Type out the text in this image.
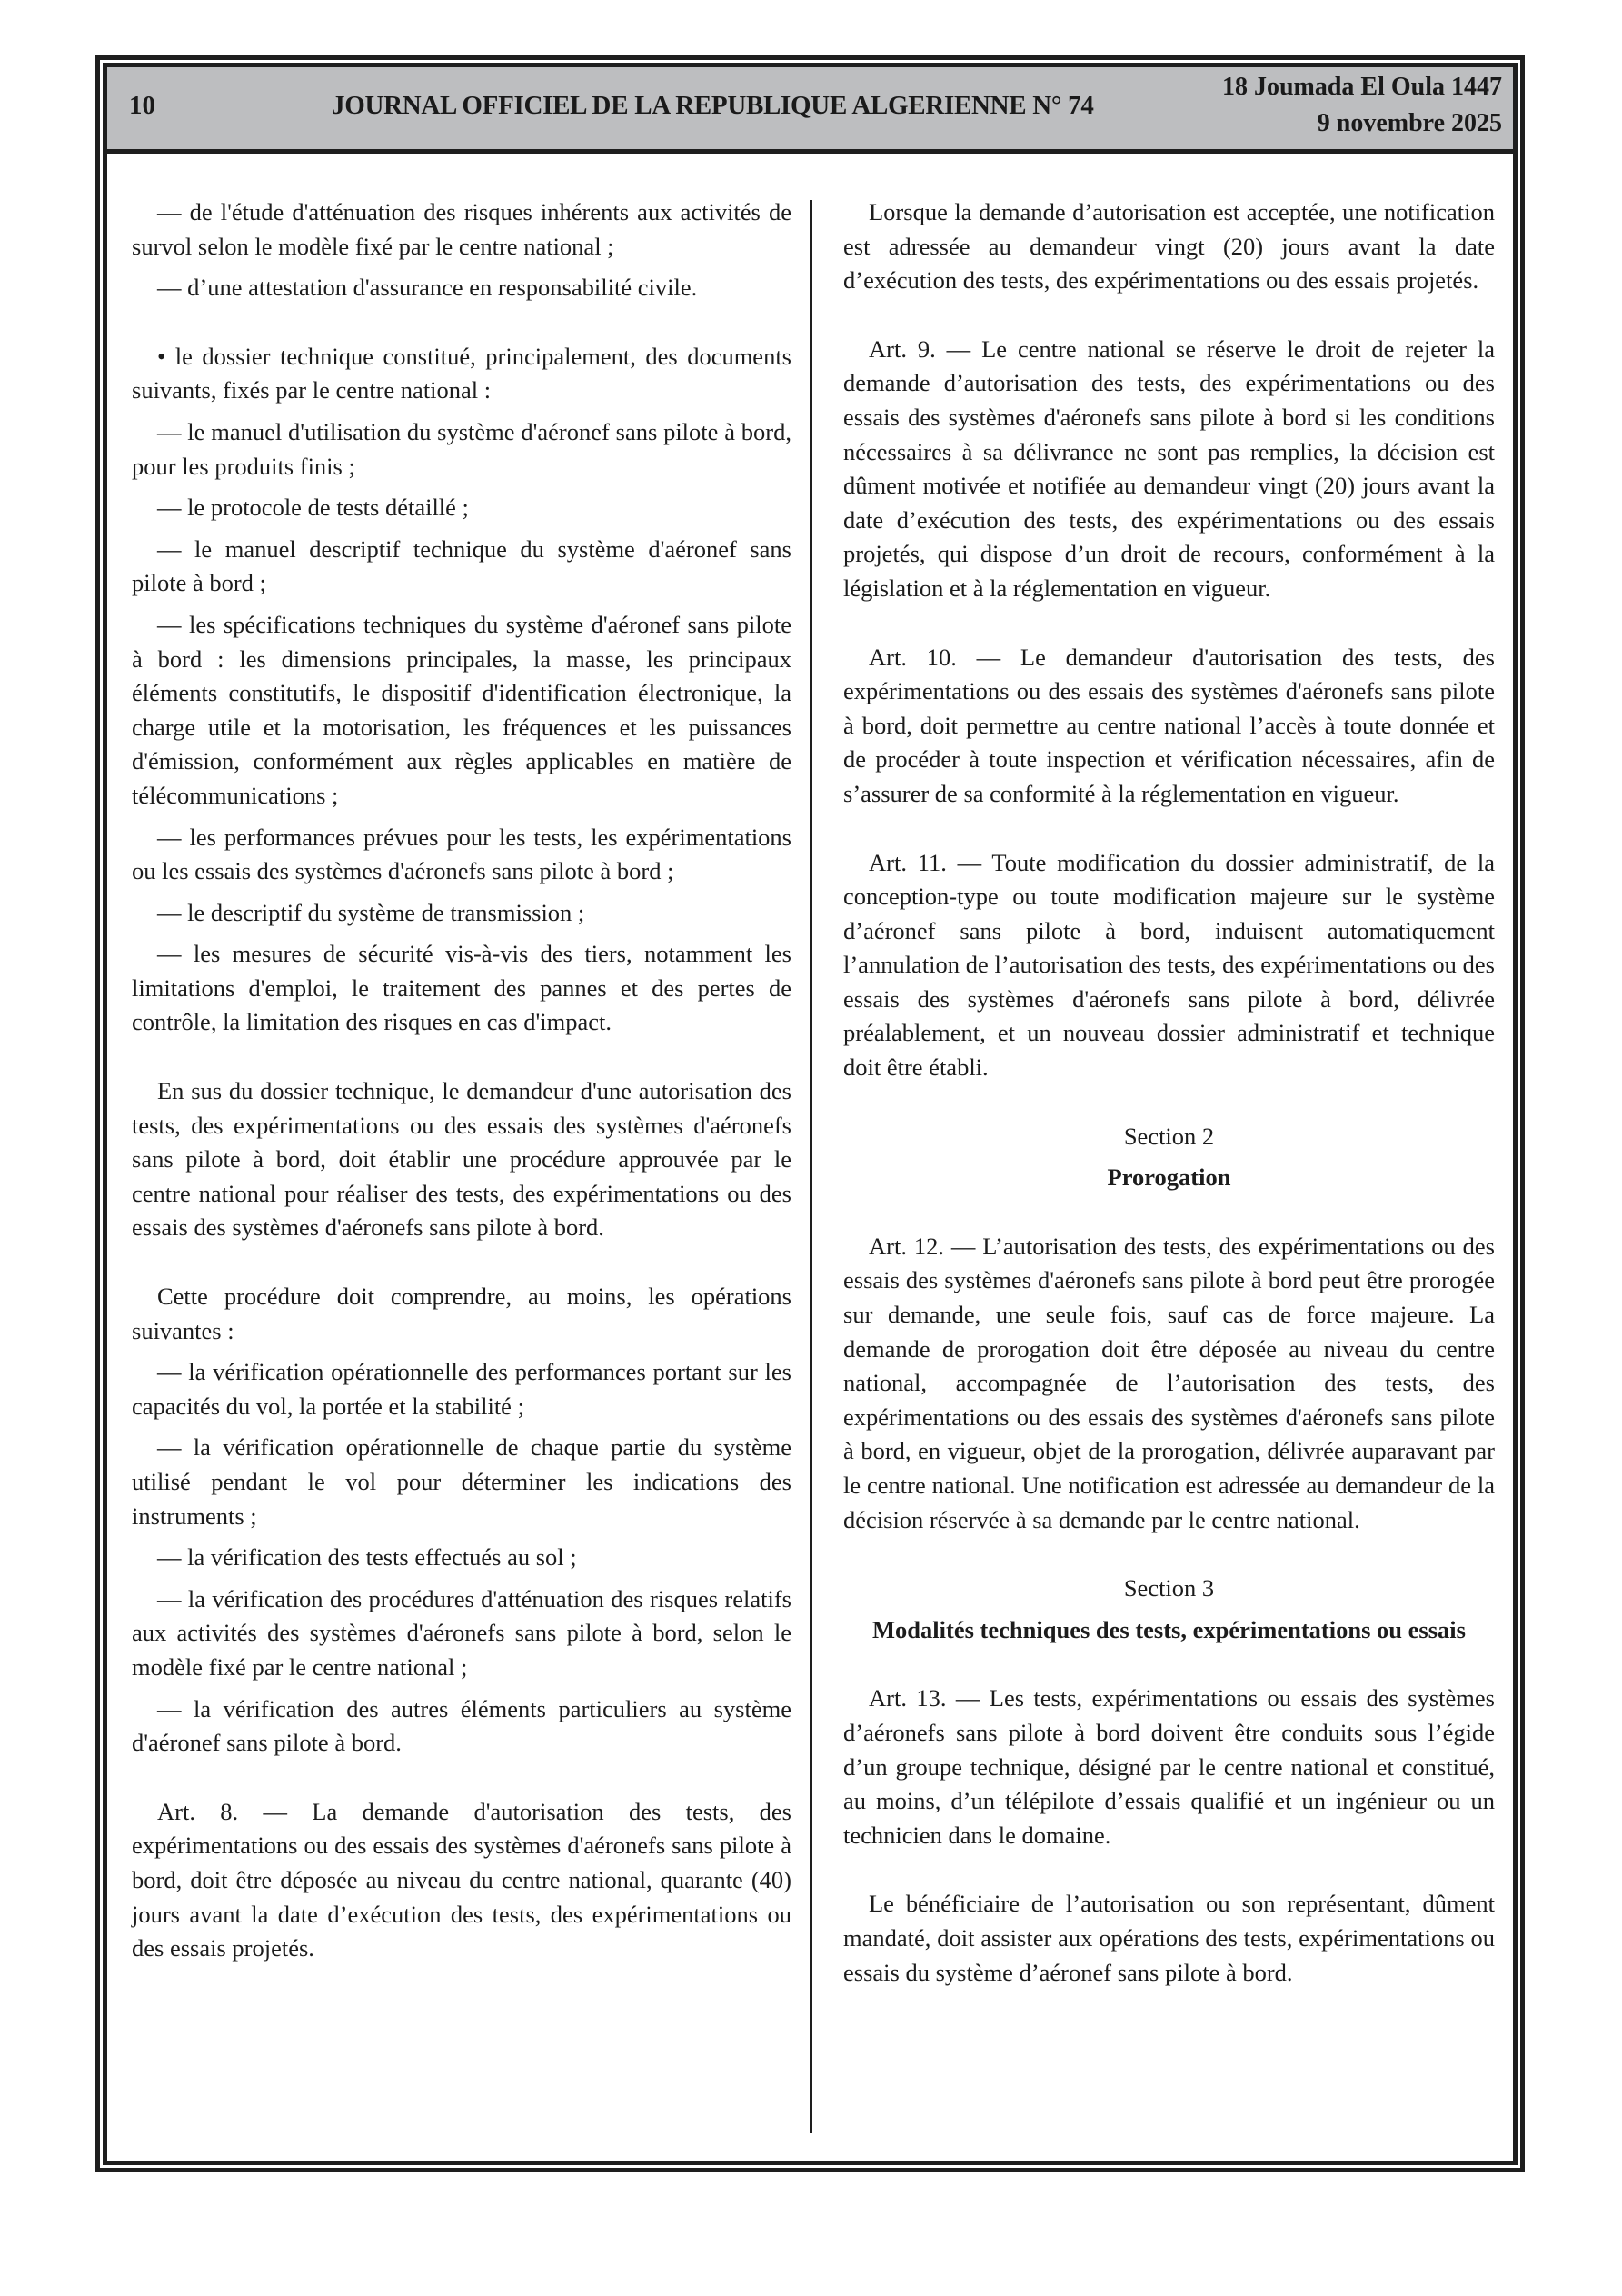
10	JOURNAL OFFICIEL DE LA REPUBLIQUE ALGERIENNE N° 74
18 Joumada El Oula 1447
9 novembre 2025

— de l'étude d'atténuation des risques inhérents aux activités de survol selon le modèle fixé par le centre national ;

— d’une attestation d'assurance en responsabilité civile.

• le dossier technique constitué, principalement, des documents suivants, fixés par le centre national :

— le manuel d'utilisation du système d'aéronef sans pilote à bord, pour les produits finis ;

— le protocole de tests détaillé ;

— le manuel descriptif technique du système d'aéronef sans pilote à bord ;

— les spécifications techniques du système d'aéronef sans pilote à bord : les dimensions principales, la masse, les principaux éléments constitutifs, le dispositif d'identification électronique, la charge utile et la motorisation, les fréquences et les puissances d'émission, conformément aux règles applicables en matière de télécommunications ;

— les performances prévues pour les tests, les expérimentations ou les essais des systèmes d'aéronefs sans pilote à bord ;

— le descriptif du système de transmission ;

— les mesures de sécurité vis-à-vis des tiers, notamment les limitations d'emploi, le traitement des pannes et des pertes de contrôle, la limitation des risques en cas d'impact.

En sus du dossier technique, le demandeur d'une autorisation des tests, des expérimentations ou des essais des systèmes d'aéronefs sans pilote à bord, doit établir une procédure approuvée par le centre national pour réaliser des tests, des expérimentations ou des essais des systèmes d'aéronefs sans pilote à bord.

Cette procédure doit comprendre, au moins, les opérations suivantes :

— la vérification opérationnelle des performances portant sur les capacités du vol, la portée et la stabilité ;

— la vérification opérationnelle de chaque partie du système utilisé pendant le vol pour déterminer les indications des instruments ;

— la vérification des tests effectués au sol ;

— la vérification des procédures d'atténuation des risques relatifs aux activités des systèmes d'aéronefs sans pilote à bord, selon le modèle fixé par le centre national ;

— la vérification des autres éléments particuliers au système d'aéronef sans pilote à bord.

Art. 8. — La demande d'autorisation des tests, des expérimentations ou des essais des systèmes d'aéronefs sans pilote à bord, doit être déposée au niveau du centre national, quarante (40) jours avant la date d’exécution des tests, des expérimentations ou des essais projetés.

Lorsque la demande d’autorisation est acceptée, une notification est adressée au demandeur vingt (20) jours avant la date d’exécution des tests, des expérimentations ou des essais projetés.

Art. 9. — Le centre national se réserve le droit de rejeter la demande d’autorisation des tests, des expérimentations ou des essais des systèmes d'aéronefs sans pilote à bord si les conditions nécessaires à sa délivrance ne sont pas remplies, la décision est dûment motivée et notifiée au demandeur vingt (20) jours avant la date d’exécution des tests, des expérimentations ou des essais projetés, qui dispose d’un droit de recours, conformément à la législation et à la réglementation en vigueur.

Art. 10. — Le demandeur d'autorisation des tests, des expérimentations ou des essais des systèmes d'aéronefs sans pilote à bord, doit permettre au centre national l’accès à toute donnée et de procéder à toute inspection et vérification nécessaires, afin de s’assurer de sa conformité à la réglementation en vigueur.

Art. 11. — Toute modification du dossier administratif, de la conception-type ou toute modification majeure sur le système d’aéronef sans pilote à bord, induisent automatiquement l’annulation de l’autorisation des tests, des expérimentations ou des essais des systèmes d'aéronefs sans pilote à bord, délivrée préalablement, et un nouveau dossier administratif et technique doit être établi.

Section 2

Prorogation

Art. 12. — L’autorisation des tests, des expérimentations ou des essais des systèmes d'aéronefs sans pilote à bord peut être prorogée sur demande, une seule fois, sauf cas de force majeure. La demande de prorogation doit être déposée au niveau du centre national, accompagnée de l’autorisation des tests, des expérimentations ou des essais des systèmes d'aéronefs sans pilote à bord, en vigueur, objet de la prorogation, délivrée auparavant par le centre national. Une notification est adressée au demandeur de la décision réservée à sa demande par le centre national.

Section 3

Modalités techniques des tests, expérimentations ou essais

Art. 13. — Les tests, expérimentations ou essais des systèmes d’aéronefs sans pilote à bord doivent être conduits sous l’égide d’un groupe technique, désigné par le centre national et constitué, au moins, d’un télépilote d’essais qualifié et un ingénieur ou un technicien dans le domaine.

Le bénéficiaire de l’autorisation ou son représentant, dûment mandaté, doit assister aux opérations des tests, expérimentations ou essais du système d’aéronef sans pilote à bord.
